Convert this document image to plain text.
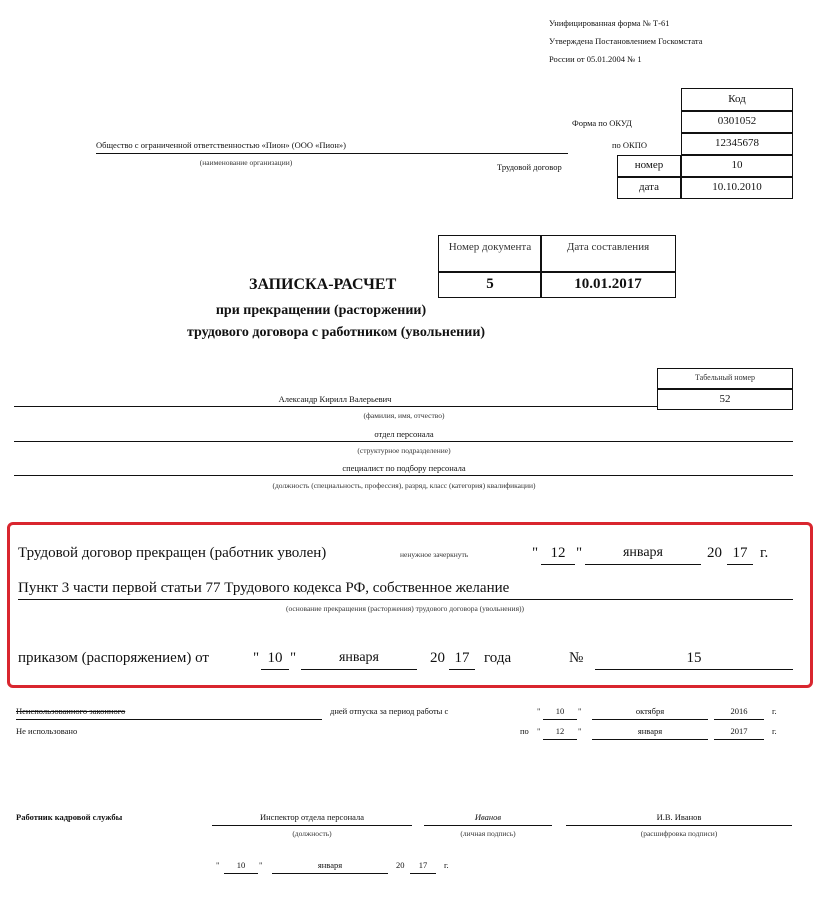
Унифицированная форма № Т-61
Утверждена Постановлением Госкомстата
России от 05.01.2004 № 1
Код
Форма по ОКУД	0301052
по ОКПО	12345678
Трудовой договор	номер	10
дата	10.10.2010
Общество с ограниченной ответственностью «Пион» (ООО «Пион»)
(наименование организации)
Номер документа	Дата составления
5	10.01.2017
ЗАПИСКА-РАСЧЕТ
при прекращении (расторжении)
трудового договора с работником (увольнении)
Табельный номер
52
Александр Кирилл Валерьевич
(фамилия, имя, отчество)
отдел персонала
(структурное подразделение)
специалист по подбору персонала
(должность (специальность, профессия), разряд, класс (категория) квалификации)
Трудовой договор прекращен (работник уволен)	ненужное зачеркнуть	" 12 "	января	20 17 г.
Пункт 3 части первой статьи 77 Трудового кодекса РФ, собственное желание
(основание прекращения (расторжения) трудового договора (увольнения))
приказом (распоряжением) от	" 10 "	января	20 17 года	№	15
Неиспользованного законного	дней отпуска за период работы с	"	10	"	октября	2016	г.
Не использовано	по "	12	"	января	2017	г.
Работник кадровой службы	Инспектор отдела персонала
(должность)
Иванов
(личная подпись)
И.В. Иванов
(расшифровка подписи)
"	10	"	января	20	17	г.
